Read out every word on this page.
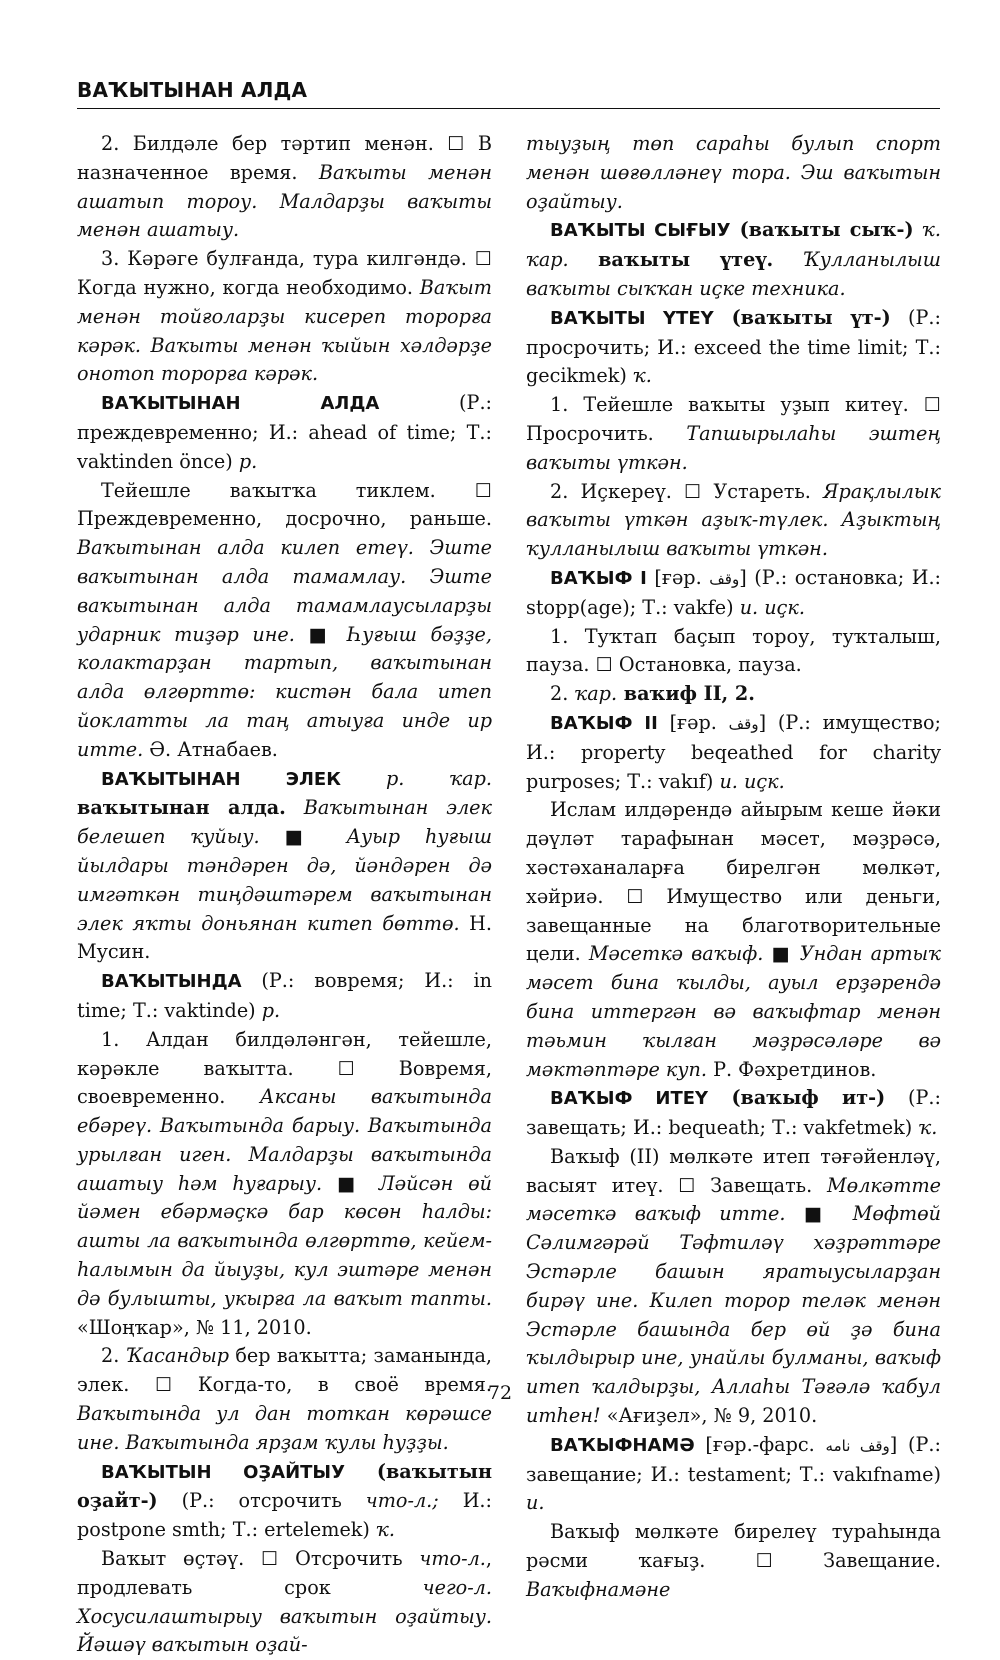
ВАҠЫТЫНАН АЛДА

2. Билдәле бер тәртип менән. ☐ В назначенное время. Ваҡыты менән ашатып тороу. Малдарҙы ваҡыты менән ашатыу.

3. Кәрәге булғанда, тура килгәндә. ☐ Когда нужно, когда необходимо. Ваҡыт менән тойғоларҙы кисереп торорға кәрәк. Ваҡыты менән ҡыйын хәлдәрҙе онотоп торорға кәрәк.

ВАҠЫТЫНАН АЛДА (Р.: преждевременно; И.: ahead of time; Т.: vaktinden önce) р.

Тейешле ваҡытҡа тиклем. ☐ Преждевременно, досрочно, раньше. Ваҡытынан алда килеп етеү. Эште ваҡытынан алда тамамлау. Эште ваҡытынан алда тамамлаусыларҙы ударник тиҙәр ине. ■ Һуғыш бәҙҙе, колактарҙан тартып, ваҡытынан алда өлгөрттө: кистән бала итеп йоклатты ла таң атыуға инде ир итте. Ә. Атнабаев.

ВАҠЫТЫНАН ЭЛЕК р. ҡар. ваҡытынан алда. Ваҡытынан элек белешеп ҡуйыу. ■ Ауыр һуғыш йылдары тәндәрен дә, йәндәрен дә имгәткән тиңдәштәрем ваҡытынан элек яҡты доньянан китеп бөттө. Н. Мусин.

ВАҠЫТЫНДА (Р.: вовремя; И.: in time; Т.: vaktinde) р.

1. Алдан билдәләнгән, тейешле, кәрәкле ваҡытта. ☐ Вовремя, своевременно. Аксаны ваҡытында ебәреү. Ваҡытында барыу. Ваҡытында урылған иген. Малдарҙы ваҡытында ашатыу һәм һуғарыу. ■ Ләйсән өй йәмен ебәрмәҫкә бар көсөн һалды: ашты ла ваҡытында өлгөрттө, кейем-һалымын да йыуҙы, кул эштәре менән дә булышты, укырға ла ваҡыт тапты. «Шоңҡар», № 11, 2010.

2. Ҡасандыр бер ваҡытта; заманында, элек. ☐ Когда-то, в своё время. Ваҡытында ул дан тоткан көрәшсе ине. Ваҡытында ярҙам ҡулы һуҙҙы.

ВАҠЫТЫН ОҘАЙТЫУ (ваҡытын оҙайт-) (Р.: отсрочить что-л.; И.: postpone smth; Т.: ertelemek) ҡ.

Ваҡыт өҫтәү. ☐ Отсрочить что-л., продлевать срок чего-л. Хосусилаштырыу ваҡытын оҙайтыу. Йәшәү ваҡытын оҙай-

тыуҙың төп сараһы булып спорт менән шөғөлләнеү тора. Эш ваҡытын оҙайтыу.

ВАҠЫТЫ СЫҒЫУ (ваҡыты сыҡ-) ҡ. ҡар. ваҡыты үтеү. Ҡулланылыш ваҡыты сыҡҡан иҫке техника.

ВАҠЫТЫ ҮТЕҮ (ваҡыты үт-) (Р.: просрочить; И.: exceed the time limit; Т.: gecikmek) ҡ.

1. Тейешле ваҡыты уҙып китеү. ☐ Просрочить. Тапшырылаһы эштең ваҡыты үткән.

2. Иҫкереү. ☐ Устареть. Ярақлылык ваҡыты үткән аҙыҡ-түлек. Аҙыктың ҡулланылыш ваҡыты үткән.

ВАҠЫФ I [ғәр. وقف] (Р.: остановка; И.: stopp(age); Т.: vakfe) и. иҫк.

1. Туҡтап баҫып тороу, туҡталыш, пауза. ☐ Остановка, пауза.

2. ҡар. ваҡиф II, 2.

ВАҠЫФ II [ғәр. وقف] (Р.: имущество; И.: property beqeathed for charity purposes; Т.: vakıf) и. иҫк.

Ислам илдәрендә айырым кеше йәки дәүләт тарафынан мәсет, мәҙрәсә, хәстәханаларға бирелгән мөлкәт, хәйриә. ☐ Имущество или деньги, завещанные на благотворительные цели. Мәсеткә ваҡыф. ■ Ундан артыҡ мәсет бина ҡылды, ауыл ерҙәрендә бина иттергән вә ваҡыфтар менән тәьмин ҡылған мәҙрәсәләре вә мәктәптәре куп. Р. Фәхретдинов.

ВАҠЫФ ИТЕҮ (ваҡыф ит-) (Р.: завещать; И.: bequeath; Т.: vakfetmek) ҡ.

Ваҡыф (II) мөлкәте итеп тәғәйенләү, васыят итеү. ☐ Завещать. Мөлкәтте мәсеткә ваҡыф итте. ■ Мөфтөй Сәлимгәрәй Тәфтиләү хәҙрәттәре Эстәрле башын яратыусыларҙан бирәү ине. Килеп торор теләк менән Эстәрле башында бер өй ҙә бина ҡылдырыр ине, унайлы булманы, ваҡыф итеп ҡалдырҙы, Аллаһы Тәғәлә ҡабул итһен! «Ағиҙел», № 9, 2010.

ВАҠЫФНАМӘ [ғәр.-фарс. وقف نامه] (Р.: завещание; И.: testament; Т.: vakıfname) и.

Ваҡыф мөлкәте бирелеү тураһында рәсми ҡағыҙ. ☐ Завещание. Ваҡыфнамәне

72
